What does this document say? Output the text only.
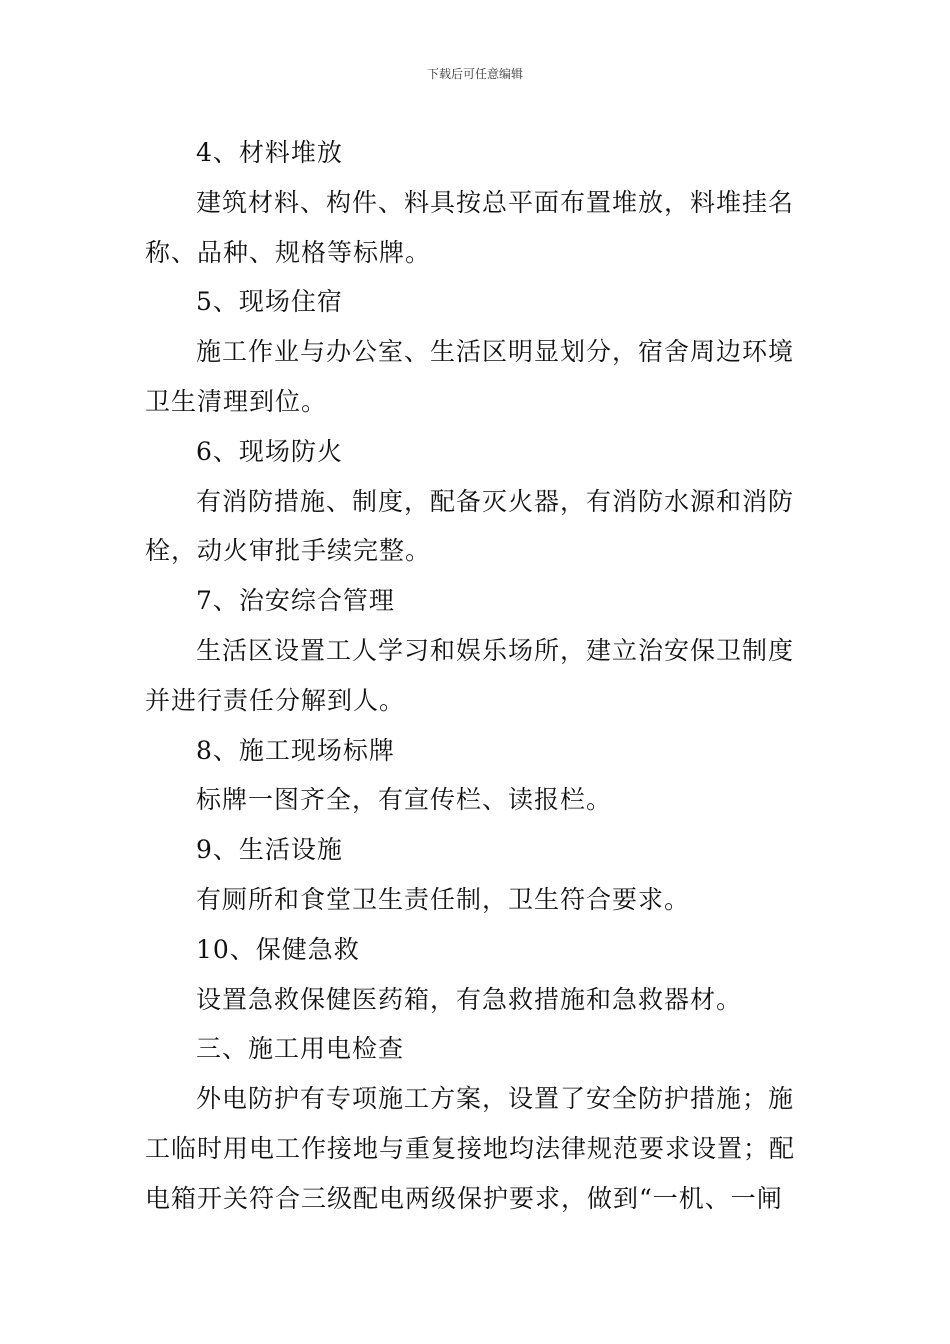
下载后可任意编辑
4、材料堆放
建筑材料、构件、料具按总平面布置堆放，料堆挂名
称、品种、规格等标牌。
5、现场住宿
施工作业与办公室、生活区明显划分，宿舍周边环境
卫生清理到位。
6、现场防火
有消防措施、制度，配备灭火器，有消防水源和消防
栓，动火审批手续完整。
7、治安综合管理
生活区设置工人学习和娱乐场所，建立治安保卫制度
并进行责任分解到人。
8、施工现场标牌
标牌一图齐全，有宣传栏、读报栏。
9、生活设施
有厕所和食堂卫生责任制，卫生符合要求。
10、保健急救
设置急救保健医药箱，有急救措施和急救器材。
三、施工用电检查
外电防护有专项施工方案，设置了安全防护措施；施
工临时用电工作接地与重复接地均法律规范要求设置；配
电箱开关符合三级配电两级保护要求，做到“一机、一闸
